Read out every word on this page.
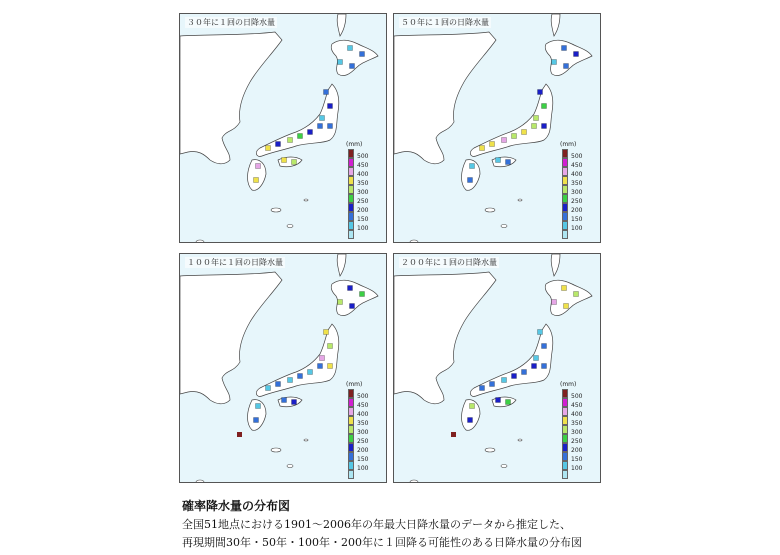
３０年に１回の日降水量
(mm)
500
450
400
350
300
250
200
150
100
５０年に１回の日降水量
(mm)
500
450
400
350
300
250
200
150
100
１００年に１回の日降水量
(mm)
500
450
400
350
300
250
200
150
100
２００年に１回の日降水量
(mm)
500
450
400
350
300
250
200
150
100
確率降水量の分布図
全国51地点における1901～2006年の年最大日降水量のデータから推定した、
再現期間30年・50年・100年・200年に１回降る可能性のある日降水量の分布図
